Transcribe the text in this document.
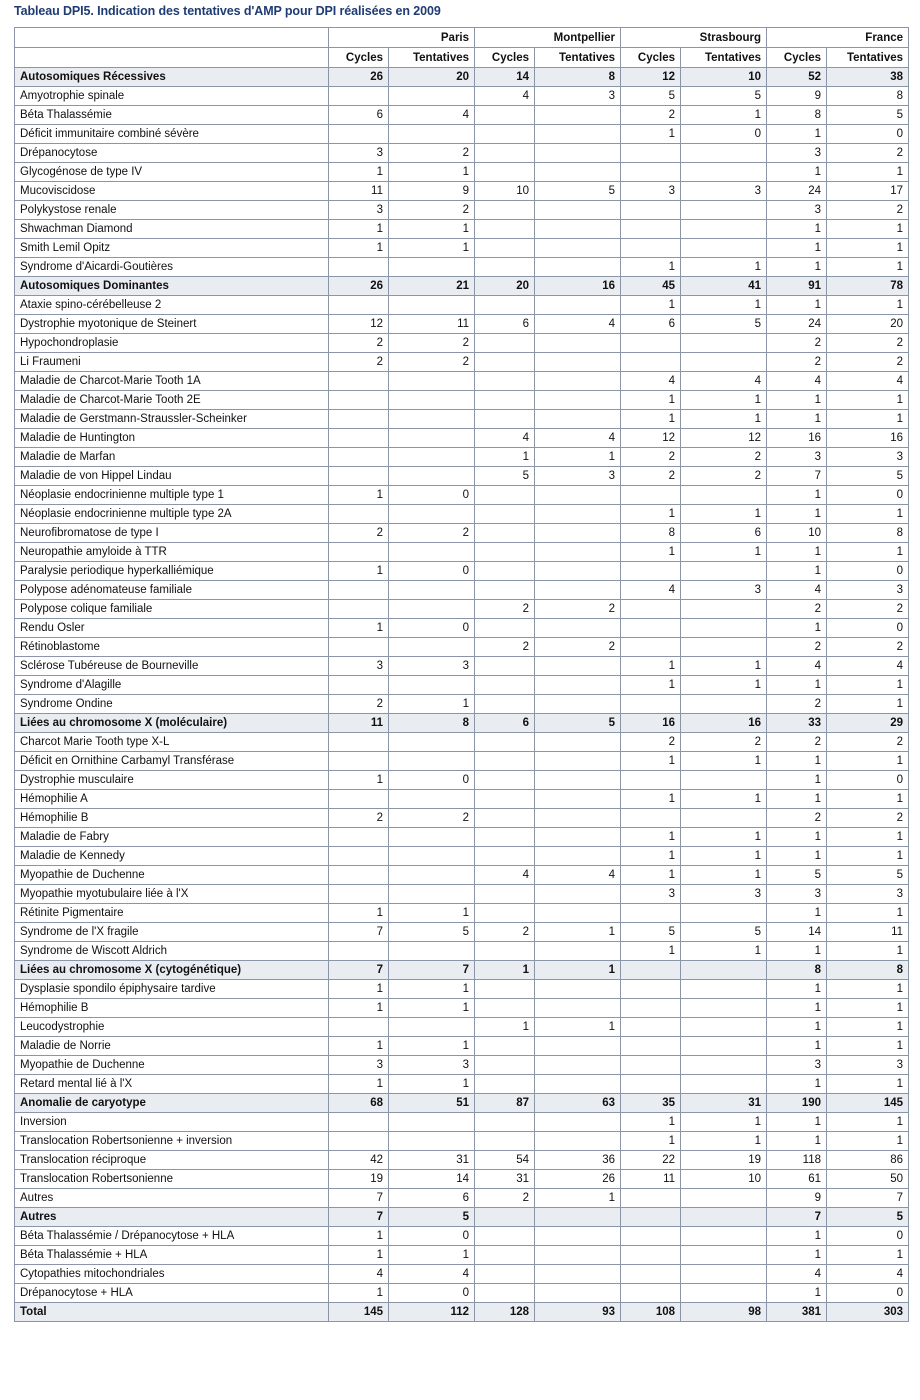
Tableau DPI5. Indication des tentatives d'AMP pour DPI réalisées en 2009
	Paris		Montpellier		Strasbourg		France	
	Cycles	Tentatives	Cycles	Tentatives	Cycles	Tentatives	Cycles	Tentatives
Autosomiques Récessives	26	20	14	8	12	10	52	38
Amyotrophie spinale			4	3	5	5	9	8
Béta Thalassémie	6	4			2	1	8	5
Déficit immunitaire combiné sévère					1	0	1	0
Drépanocytose	3	2					3	2
Glycogénose de type IV	1	1					1	1
Mucoviscidose	11	9	10	5	3	3	24	17
Polykystose renale	3	2					3	2
Shwachman Diamond	1	1					1	1
Smith Lemil Opitz	1	1					1	1
Syndrome d'Aicardi-Goutières					1	1	1	1
Autosomiques Dominantes	26	21	20	16	45	41	91	78
Ataxie spino-cérébelleuse 2					1	1	1	1
Dystrophie myotonique de Steinert	12	11	6	4	6	5	24	20
Hypochondroplasie	2	2					2	2
Li Fraumeni	2	2					2	2
Maladie de Charcot-Marie Tooth 1A					4	4	4	4
Maladie de Charcot-Marie Tooth 2E					1	1	1	1
Maladie de Gerstmann-Straussler-Scheinker					1	1	1	1
Maladie de Huntington			4	4	12	12	16	16
Maladie de Marfan			1	1	2	2	3	3
Maladie de von Hippel Lindau			5	3	2	2	7	5
Néoplasie endocrinienne multiple type 1	1	0					1	0
Néoplasie endocrinienne multiple type 2A					1	1	1	1
Neurofibromatose de type I	2	2			8	6	10	8
Neuropathie amyloide à TTR					1	1	1	1
Paralysie periodique hyperkalliémique	1	0					1	0
Polypose adénomateuse familiale					4	3	4	3
Polypose colique familiale			2	2			2	2
Rendu Osler	1	0					1	0
Rétinoblastome			2	2			2	2
Sclérose Tubéreuse de Bourneville	3	3			1	1	4	4
Syndrome d'Alagille					1	1	1	1
Syndrome Ondine	2	1					2	1
Liées au chromosome X (moléculaire)	11	8	6	5	16	16	33	29
Charcot Marie Tooth type X-L					2	2	2	2
Déficit en Ornithine Carbamyl Transférase					1	1	1	1
Dystrophie musculaire	1	0					1	0
Hémophilie A					1	1	1	1
Hémophilie B	2	2					2	2
Maladie de Fabry					1	1	1	1
Maladie de Kennedy					1	1	1	1
Myopathie de Duchenne			4	4	1	1	5	5
Myopathie myotubulaire liée à l'X					3	3	3	3
Rétinite Pigmentaire	1	1					1	1
Syndrome de l'X fragile	7	5	2	1	5	5	14	11
Syndrome de Wiscott Aldrich					1	1	1	1
Liées au chromosome X (cytogénétique)	7	7	1	1			8	8
Dysplasie spondilo épiphysaire tardive	1	1					1	1
Hémophilie B	1	1					1	1
Leucodystrophie			1	1			1	1
Maladie de Norrie	1	1					1	1
Myopathie de Duchenne	3	3					3	3
Retard mental lié à l'X	1	1					1	1
Anomalie de caryotype	68	51	87	63	35	31	190	145
Inversion					1	1	1	1
Translocation Robertsonienne + inversion					1	1	1	1
Translocation réciproque	42	31	54	36	22	19	118	86
Translocation Robertsonienne	19	14	31	26	11	10	61	50
Autres	7	6	2	1			9	7
Autres	7	5					7	5
Béta Thalassémie / Drépanocytose + HLA	1	0					1	0
Béta Thalassémie + HLA	1	1					1	1
Cytopathies mitochondriales	4	4					4	4
Drépanocytose + HLA	1	0					1	0
Total	145	112	128	93	108	98	381	303
